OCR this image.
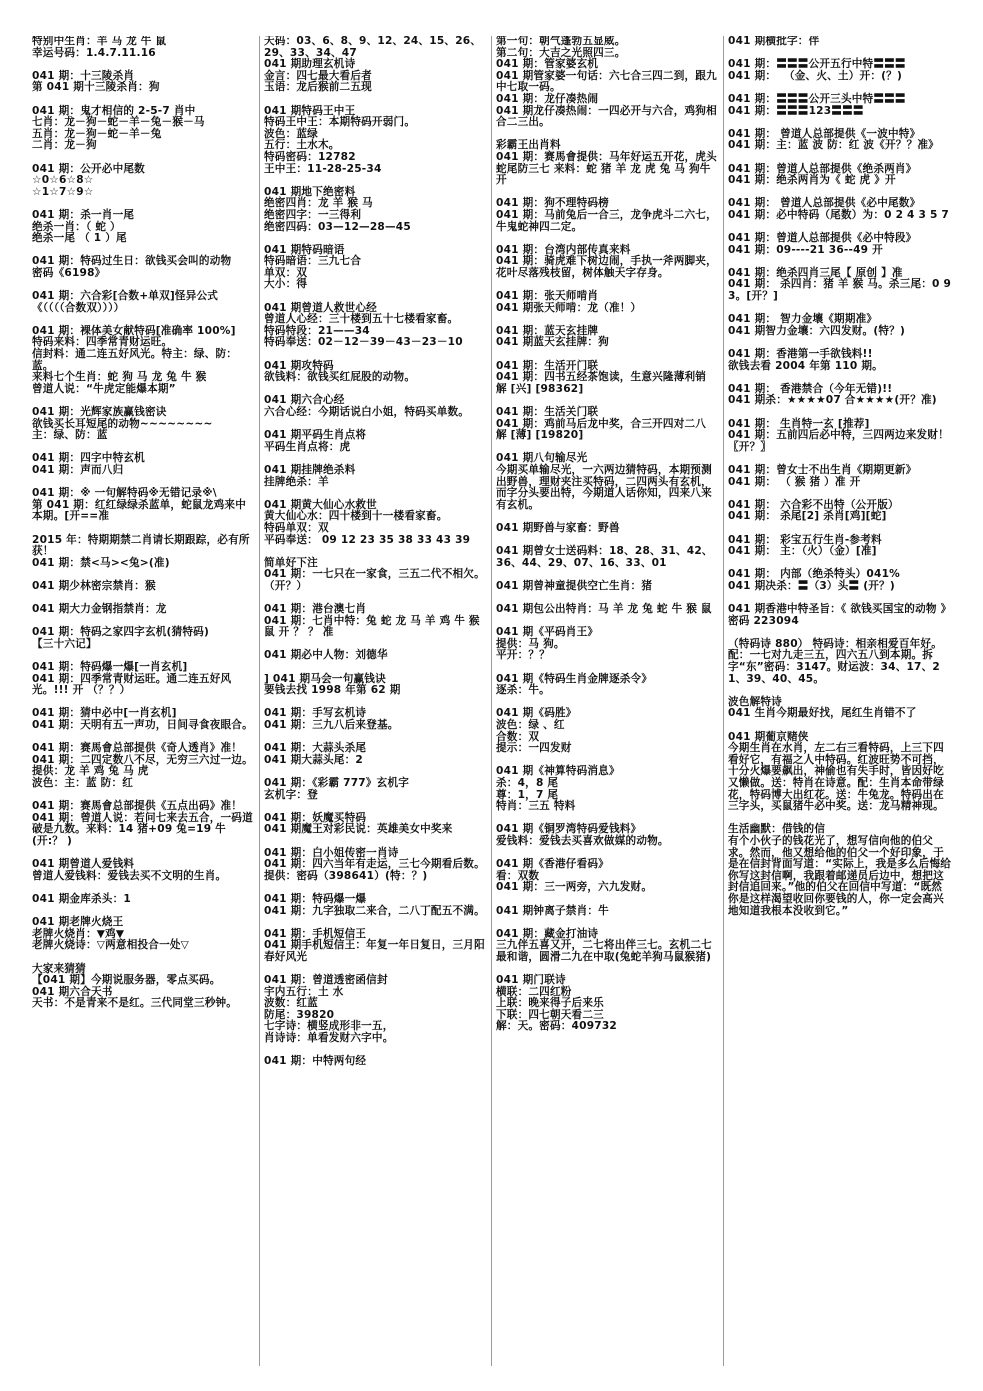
特别中生肖：羊 马 龙 牛 鼠
幸运号码：1.4.7.11.16
041 期：十三陵杀肖
第 041 期十三陵杀肖：狗
041 期：鬼才相信的 2-5-7 肖中
七肖：龙－狗－蛇－羊－兔－猴－马
五肖：龙－狗－蛇－羊－兔
二肖：龙－狗
041 期：公开必中尾数
☆0☆6☆8☆
☆1☆7☆9☆
041 期：杀一肖一尾
绝杀一肖：（ 蛇 ）
绝杀一尾 （ 1 ）尾
041 期：特码过生日：欲钱买会叫的动物
密码《6198》
041 期：六合彩[合数+单双]怪异公式
《（（（（合数双））））
041 期：裸体美女献特码[准确率 100%]
特码来料：四季常青财运旺。
信封料：通二连五好风光。特主：绿、防：蓝。
来料七个生肖：蛇 狗 马 龙 兔 牛 猴
曾道人说：“牛虎定能爆本期”
041 期：光辉家族赢钱密诀
欲钱买长耳短尾的动物~~~~~~~~
主：绿、防：蓝
041 期：四字中特玄机
041 期：声而八归
041 期：※ 一句解特码※无错记录※\
第 041 期：红红绿绿杀蓝单，蛇鼠龙鸡来中本期。[开==准
2015 年：特期期禁二肖请长期跟踪，必有所获！
041 期：禁<马><兔>(准)
041 期少林密宗禁肖：猴
041 期大力金钢指禁肖：龙
041 期：特码之家四字玄机(猜特码)
【三十六记】
041 期：特码爆一爆[一肖玄机]
041 期：四季常青财运旺。通二连五好风光。!!! 开 （？？）
041 期：猜中必中[一肖玄机]
041 期：天明有五一声功，日间寻食夜眼合。
041 期：赛馬會总部提供《奇人透肖》准！
041 期：二四定数八不尽，无穷三六过一边。
提供：龙 羊 鸡 兔 马 虎
波色：主：蓝 防：红
041 期：赛馬會总部提供《五点出码》准！
041 期：曾道人说：若问七来去五合，一码道破是九数。来料：14 猪+09 兔=19 牛(开:？ )
041 期曾道人爱钱料
曾道人爱钱料：爱钱去买不文明的生肖。
041 期金库杀头：1
041 期老牌火烧王
老牌火烧肖：▼鸡▼
老牌火烧诗：▽两意相投合一处▽
大家来猜猜
【041 期】今期说服务器，零点买码。
041 期六合天书
天书：不是青来不是红。三代同堂三秒钟。
天码：03、6、8、9、12、24、15、26、29、33、34、47
041 期助理玄机诗
金言：四七最大看后者
玉语：龙后猴前二五现
041 期特码王中王
特码王中王：本期特码开弱门。
波色：蓝绿
五行：土水木。
特码密码：12782
王中王：11-28-25-34
041 期地下绝密料
绝密四肖：龙 羊 猴 马
绝密四字：一三得利
绝密四码：03—12—28—45
041 期特码暗语
特码暗语：三九七合
单双：双
大小：得
041 期曾道人救世心经
曾道人心经：三十楼到五十七楼看家畜。
特码特段：21——34
特码奉送：02－12－39－43－23－10
041 期攻特码
欲钱料：欲钱买红屁股的动物。
041 期六合心经
六合心经：今期话说白小姐，特码买单数。
041 期平码生肖点将
平码生肖点将：虎
041 期挂牌绝杀料
挂牌绝杀：羊
041 期黄大仙心水救世
黄大仙心水：四十楼到十一楼看家畜。
特码单双：双
平码奉送： 09 12 23 35 38 33 43 39
简单好下注
041 期：一七只在一家食，三五二代不相欠。（开？）
041 期：港台澳七肖
041 期：七肖中特：兔 蛇 龙 马 羊 鸡 牛 猴 鼠 开 ？ ？ 准
041 期必中人物：刘德华
] 041 期马会一句赢钱诀
要钱去找 1998 年第 62 期
041 期：手写玄机诗
041 期：三九八后来登基。
041 期：大蒜头杀尾
041 期大蒜头尾：2
041 期：《彩霸 777》玄机字
玄机字：登
041 期：妖魔买特码
041 期魔王对彩民说：英雄美女中奖来
041 期：白小姐传密一肖诗
041 期：四六当年有走运，三七今期看后数。提供：密码（398641）(特：？)
041 期：特码爆一爆
041 期：九字独取二来合，二八丁配五不满。
041 期：手机短信王
041 期手机短信王：年复一年日复日，三月阳春好风光
041 期：曾道透密函信封
宇内五行：土 水
波数：红蓝
防尾：39820
七字诗：横竖成形非一五，
肖诗诗：单看发财六字中。
041 期：中特两句经
第一句：朝气蓬勃五显威。
第二句：大吉之光照四三。
041 期：管家婆玄机
041 期管家婆一句话：六七合三四二到，跟九中七取一码。
041 期：龙仔凑热闹
041 期龙仔凑热闹：一四必开与六合，鸡狗相合二三出。
彩霸王出肖料
041 期：赛馬會提供：马年好运五开花，虎头蛇尾防三七 来料：蛇 猪 羊 龙 虎 兔 马 狗牛 开
041 期：狗不理特码榜
041 期：马前兔后一合三，龙争虎斗二六七，牛鬼蛇神四二定。
041 期：台湾内部传真来料
041 期：骑虎难下树边闹，手执一斧两脚夹，花叶尽落残枝留，树体触天字存身。
041 期：张天师啃肖
041 期张天师啃：龙（准！）
041 期：蓝天玄挂牌
041 期蓝天玄挂牌：狗
041 期：生活开门联
041 期：四书五经茶饱读，生意兴隆薄利销
解 [兴] [98362]
041 期：生活关门联
041 期：鸡前马后龙中奖，合三开四对二八
解 [薄] [19820]
041 期八句输尽光
今期买单输尽光，一六两边猜特码，本期预测出野兽，理财夹注买特码，二四两头有玄机，而字分头要出特，今期道人话你知，四来八来有玄机。
041 期野兽与家畜：野兽
041 期曾女士送码料：18、28、31、42、36、44、29、07、16、33、01
041 期曾神童提供空亡生肖：猪
041 期包公出特肖：马 羊 龙 兔 蛇 牛 猴 鼠
041 期《平码肖王》
提供：马 狗。
平开：？？
041 期《特码生肖金牌逐杀令》
逐杀：牛。
041 期《码胜》
波色：绿 、红
合数：双
提示：一四发财
041 期《神算特码消息》
杀：4，8 尾
尊：1，7 尾
特肖：三五 特料
041 期《铜罗湾特码爱钱料》
爱钱料：爱钱去买喜欢做媒的动物。
041 期《香港仔看码》
看：双数
041 期：三一两旁，六九发财。
041 期钟离子禁肖：牛
041 期：藏金打油诗
三九伴五喜又开，二七将出伴三七。玄机二七最和谐，圆滑二九在中取(兔蛇羊狗马鼠猴猪)
041 期门联诗
横联：二四红粉
上联：晚来得子后来乐
下联：四七朝天看二三
解：天。密码：409732
041 期横批字：伴
041 期：〓〓〓公开五行中特〓〓〓
041 期：  （金、火、土）开：(？)
041 期：〓〓〓公开三头中特〓〓〓
041 期：〓〓〓123〓〓〓
041 期： 曾道人总部提供《一波中特》
041 期：主：蓝 波 防：红 波《开？？准》
041 期：曾道人总部提供《绝杀两肖》
041 期：绝杀两肖为《 蛇 虎 》开
041 期： 曾道人总部提供《必中尾数》
041 期：必中特码（尾数）为：0 2 4 3 5 7
041 期：曾道人总部提供《必中特段》
041 期：09----21 36--49 开
041 期：绝杀四肖三尾【 原创 】准
041 期： 杀四肖：猪 羊 猴 马。杀三尾：0 9 3。[开？]
041 期： 智力金壤《期期准》
041 期智力金壤：六四发财。(特？)
041 期：香港第一手欲钱料!!
欲钱去看 2004 年第 110 期。
041 期： 香港禁合（今年无错)!!
041 期杀：★★★★07 合★★★★(开？准)
041 期： 生肖特一玄 [推荐]
041 期：五前四后必中特，三四两边来发财！〖开？〗
041 期：曾女士不出生肖《期期更新》
041 期： （ 猴 猪 ）准 开
041 期： 六合彩不出特（公开版）
041 期： 杀尾[2] 杀肖[鸡][蛇]
041 期： 彩宝五行生肖-参考料
041 期： 主：（火）（金）[准]
041 期： 内部（绝杀特头）041%
041 期决杀：〓（3）头〓 (开？)
041 期香港中特圣旨：《 欲钱买国宝的动物 》密码 223094
（特码诗 880） 特码诗：相亲相爱百年好。配：一七对九走三五，四六五八到本期。拆字“东”密码：3147。财运波：34、17、21、39、40、45。
波色解特诗
041 生肖今期最好找，尾红生肖错不了
041 期葡京赌侠
今期生肖在水肖，左二右三看特码，上三下四看好它，有福之人中特码。红波旺势不可挡，十分火爆要飙出，神偷也有失手时，皆因好吃又懒做。送：特肖在诗意。配：生肖本命带绿花，特码博大出红花。送：牛兔龙。特码出在三字头，买鼠猪牛必中奖。送：龙马精神现。
生活幽默：借钱的信
有个小伙子的钱花光了，想写信向他的伯父求。然而，他又想给他的伯父一个好印象，于是在信封背面写道：“实际上，我是多么后悔给你写这封信啊，我跟着邮递员后边中，想把这封信追回来。”他的伯父在回信中写道：“既然你是这样渴望收回你要钱的人，你一定会高兴地知道我根本没收到它。”
